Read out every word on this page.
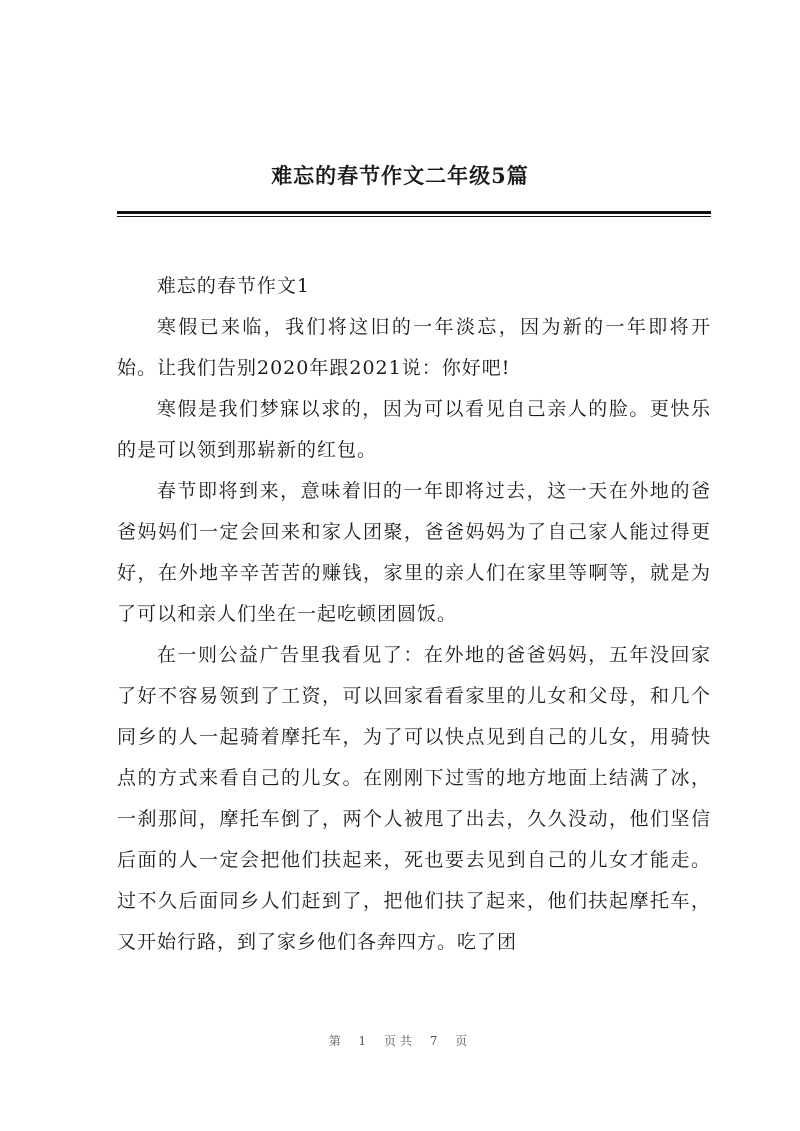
难忘的春节作文二年级5篇

难忘的春节作文1

寒假已来临，我们将这旧的一年淡忘，因为新的一年即将开始。让我们告别2020年跟2021说：你好吧!

寒假是我们梦寐以求的，因为可以看见自己亲人的脸。更快乐的是可以领到那崭新的红包。

春节即将到来，意味着旧的一年即将过去，这一天在外地的爸爸妈妈们一定会回来和家人团聚，爸爸妈妈为了自己家人能过得更好，在外地辛辛苦苦的赚钱，家里的亲人们在家里等啊等，就是为了可以和亲人们坐在一起吃顿团圆饭。

在一则公益广告里我看见了：在外地的爸爸妈妈，五年没回家了好不容易领到了工资，可以回家看看家里的儿女和父母，和几个同乡的人一起骑着摩托车，为了可以快点见到自己的儿女，用骑快点的方式来看自己的儿女。在刚刚下过雪的地方地面上结满了冰，一刹那间，摩托车倒了，两个人被甩了出去，久久没动，他们坚信后面的人一定会把他们扶起来，死也要去见到自己的儿女才能走。过不久后面同乡人们赶到了，把他们扶了起来，他们扶起摩托车，又开始行路，到了家乡他们各奔四方。吃了团

第 1 页共 7 页
